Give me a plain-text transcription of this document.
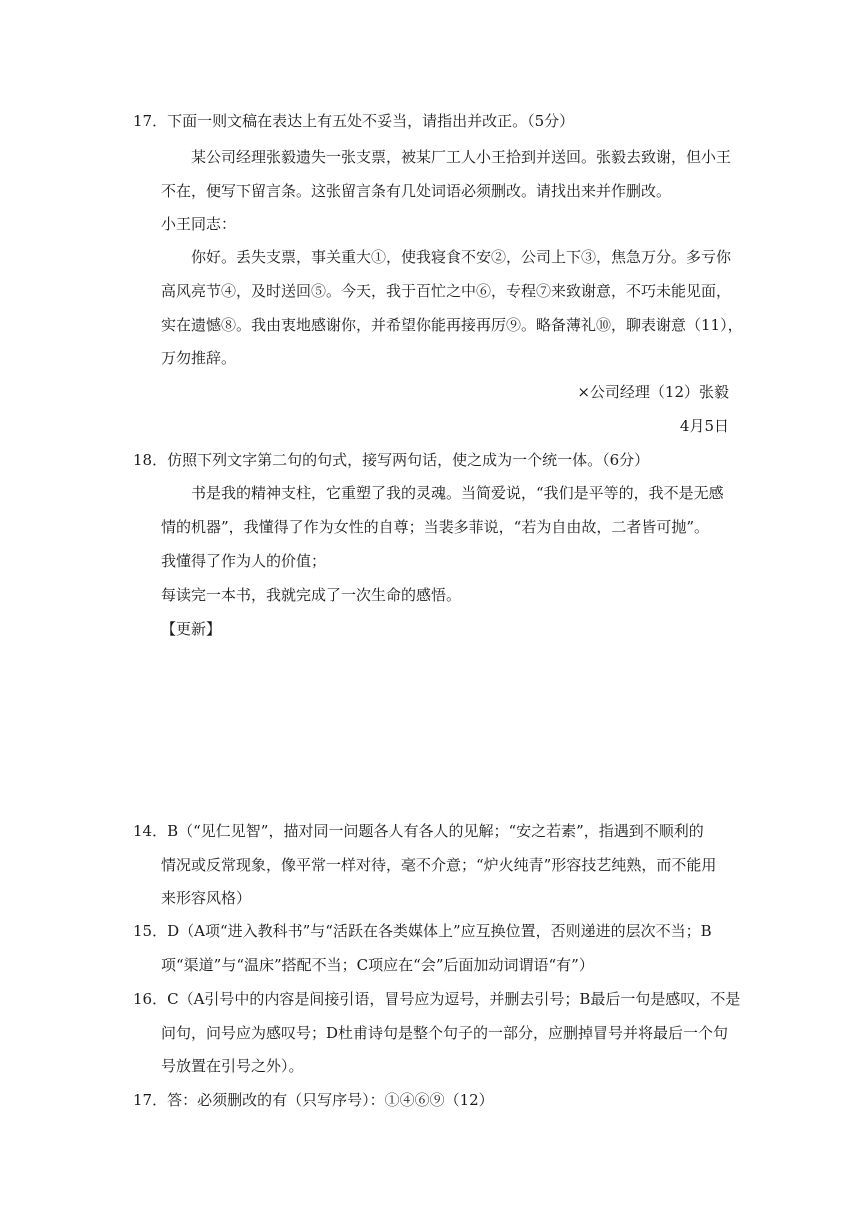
17．下面一则文稿在表达上有五处不妥当，请指出并改正。（5分）
某公司经理张毅遗失一张支票，被某厂工人小王拾到并送回。张毅去致谢，但小王
不在，便写下留言条。这张留言条有几处词语必须删改。请找出来并作删改。
小王同志：
你好。丢失支票，事关重大①，使我寝食不安②，公司上下③，焦急万分。多亏你
高风亮节④，及时送回⑤。今天，我于百忙之中⑥，专程⑦来致谢意，不巧未能见面，
实在遗憾⑧。我由衷地感谢你，并希望你能再接再厉⑨。略备薄礼⑩，聊表谢意（11），
万勿推辞。
×公司经理（12）张毅
4月5日
18．仿照下列文字第二句的句式，接写两句话，使之成为一个统一体。（6分）
书是我的精神支柱，它重塑了我的灵魂。当简爱说，“我们是平等的，我不是无感
情的机器”，我懂得了作为女性的自尊；当裴多菲说，“若为自由故，二者皆可抛”。
我懂得了作为人的价值；
每读完一本书，我就完成了一次生命的感悟。
【更新】
14．B（“见仁见智”，描对同一问题各人有各人的见解；“安之若素”，指遇到不顺利的
情况或反常现象，像平常一样对待，毫不介意；“炉火纯青”形容技艺纯熟，而不能用
来形容风格）
15．D（A项“进入教科书”与“活跃在各类媒体上”应互换位置，否则递进的层次不当；B
项“渠道”与“温床”搭配不当；C项应在“会”后面加动词谓语“有”）
16．C（A引号中的内容是间接引语，冒号应为逗号，并删去引号；B最后一句是感叹，不是
问句，问号应为感叹号；D杜甫诗句是整个句子的一部分，应删掉冒号并将最后一个句
号放置在引号之外）。
17．答：必须删改的有（只写序号）：①④⑥⑨（12）
